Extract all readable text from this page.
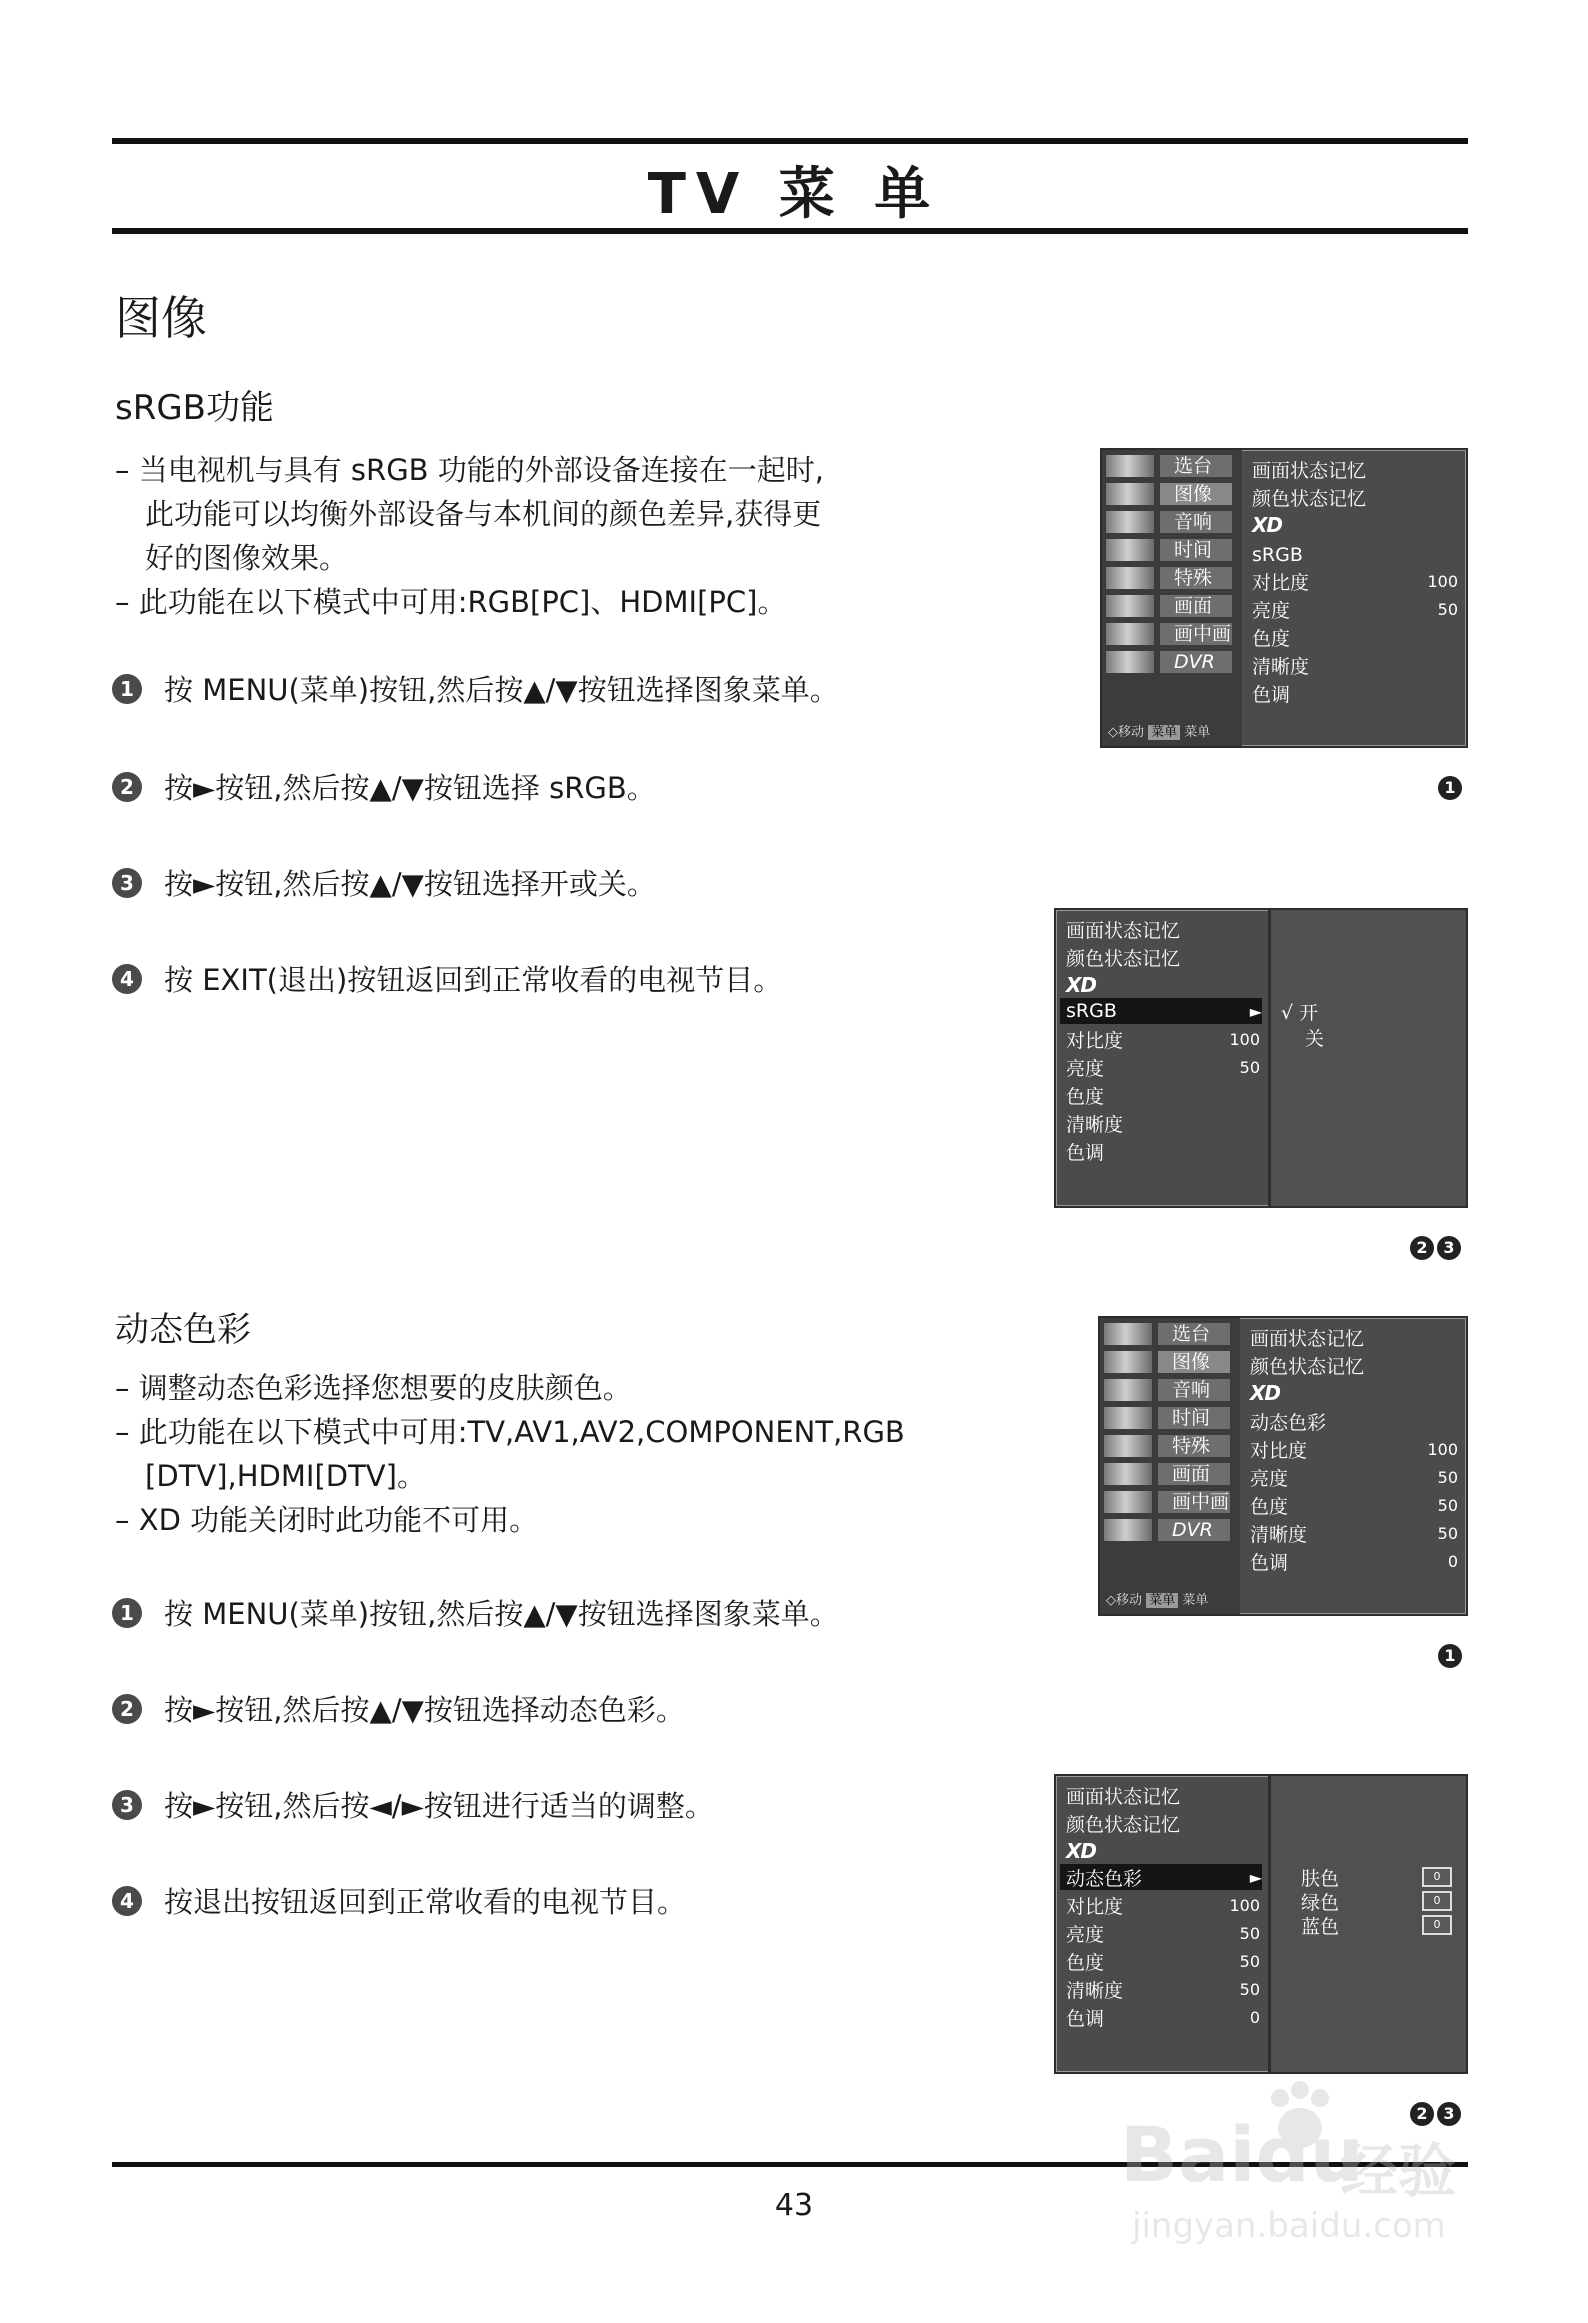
TV 菜 单
图像
sRGB功能
– 当电视机与具有 sRGB 功能的外部设备连接在一起时,
此功能可以均衡外部设备与本机间的颜色差异,获得更
好的图像效果。
– 此功能在以下模式中可用:RGB[PC]、HDMI[PC]。
1 按 MENU(菜单)按钮,然后按▲/▼按钮选择图象菜单。
2 按►按钮,然后按▲/▼按钮选择 sRGB。
3 按►按钮,然后按▲/▼按钮选择开或关。
4 按 EXIT(退出)按钮返回到正常收看的电视节目。
选台
图像
音响
时间
特殊
画面
画中画
DVR
◇移动 菜单 菜单
画面状态记忆
颜色状态记忆
XD
sRGB
对比度	100
亮度	50
色度
清晰度
色调
1
画面状态记忆
颜色状态记忆
XD
sRGB	►
对比度	100
亮度	50
色度
清晰度
色调
√ 开
关
2 3
动态色彩
– 调整动态色彩选择您想要的皮肤颜色。
– 此功能在以下模式中可用:TV,AV1,AV2,COMPONENT,RGB
[DTV],HDMI[DTV]。
– XD 功能关闭时此功能不可用。
1 按 MENU(菜单)按钮,然后按▲/▼按钮选择图象菜单。
2 按►按钮,然后按▲/▼按钮选择动态色彩。
3 按►按钮,然后按◄/►按钮进行适当的调整。
4 按退出按钮返回到正常收看的电视节目。
选台
图像
音响
时间
特殊
画面
画中画
DVR
◇移动 菜单 菜单
画面状态记忆
颜色状态记忆
XD
动态色彩
对比度	100
亮度	50
色度	50
清晰度	50
色调	0
1
画面状态记忆
颜色状态记忆
XD
动态色彩	►
对比度	100
亮度	50
色度	50
清晰度	50
色调	0
肤色	0
绿色	0
蓝色	0
2 3
43
Baidu
经验
jingyan.baidu.com
